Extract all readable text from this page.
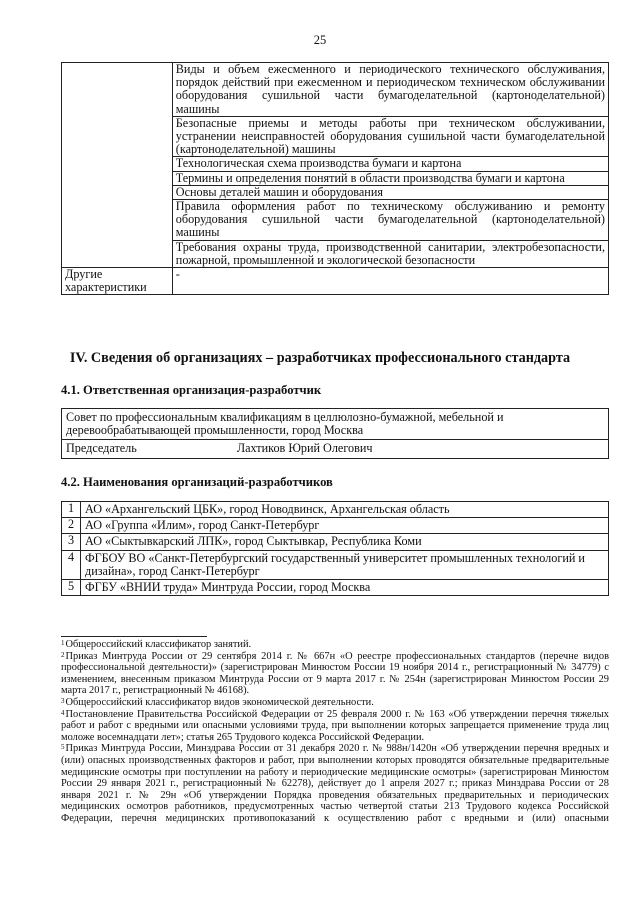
25
	Виды и объем ежесменного и периодического технического обслуживания, порядок действий при ежесменном и периодическом техническом обслуживании оборудования сушильной части бумагоделательной (картоноделательной) машины
	Безопасные приемы и методы работы при техническом обслуживании, устранении неисправностей оборудования сушильной части бумагоделательной (картоноделательной) машины
	Технологическая схема производства бумаги и картона
	Термины и определения понятий в области производства бумаги и картона
	Основы деталей машин и оборудования
	Правила оформления работ по техническому обслуживанию и ремонту оборудования сушильной части бумагоделательной (картоноделательной) машины
	Требования охраны труда, производственной санитарии, электробезопасности, пожарной, промышленной и экологической безопасности
Другие характеристики	-
IV. Сведения об организациях – разработчиках профессионального стандарта
4.1. Ответственная организация-разработчик
Совет по профессиональным квалификациям в целлюлозно-бумажной, мебельной и деревообрабатывающей промышленности, город Москва
Председатель	Лахтиков Юрий Олегович
4.2. Наименования организаций-разработчиков
1	АО «Архангельский ЦБК», город Новодвинск, Архангельская область
2	АО «Группа «Илим», город Санкт-Петербург
3	АО «Сыктывкарский ЛПК», город Сыктывкар, Республика Коми
4	ФГБОУ ВО «Санкт-Петербургский государственный университет промышленных технологий и дизайна», город Санкт-Петербург
5	ФГБУ «ВНИИ труда» Минтруда России, город Москва

$^1$Общероссийский классификатор занятий.

$^2$Приказ Минтруда России от 29 сентября 2014 г. № 667н «О реестре профессиональных стандартов (перечне видов профессиональной деятельности)» (зарегистрирован Минюстом России 19 ноября 2014 г., регистрационный № 34779) с изменением, внесенным приказом Минтруда России от 9 марта 2017 г. № 254н (зарегистрирован Минюстом России 29 марта 2017 г., регистрационный № 46168).

$^3$Общероссийский классификатор видов экономической деятельности.

$^4$Постановление Правительства Российской Федерации от 25 февраля 2000 г. № 163 «Об утверждении перечня тяжелых работ и работ с вредными или опасными условиями труда, при выполнении которых запрещается применение труда лиц моложе восемнадцати лет»; статья 265 Трудового кодекса Российской Федерации.

$^5$Приказ Минтруда России, Минздрава России от 31 декабря 2020 г. № 988н/1420н «Об утверждении перечня вредных и (или) опасных производственных факторов и работ, при выполнении которых проводятся обязательные предварительные медицинские осмотры при поступлении на работу и периодические медицинские осмотры» (зарегистрирован Минюстом России 29 января 2021 г., регистрационный № 62278), действует до 1 апреля 2027 г.; приказ Минздрава России от 28 января 2021 г. № 29н «Об утверждении Порядка проведения обязательных предварительных и периодических медицинских осмотров работников, предусмотренных частью четвертой статьи 213 Трудового кодекса Российской Федерации, перечня медицинских противопоказаний к осуществлению работ с вредными и (или) опасными
